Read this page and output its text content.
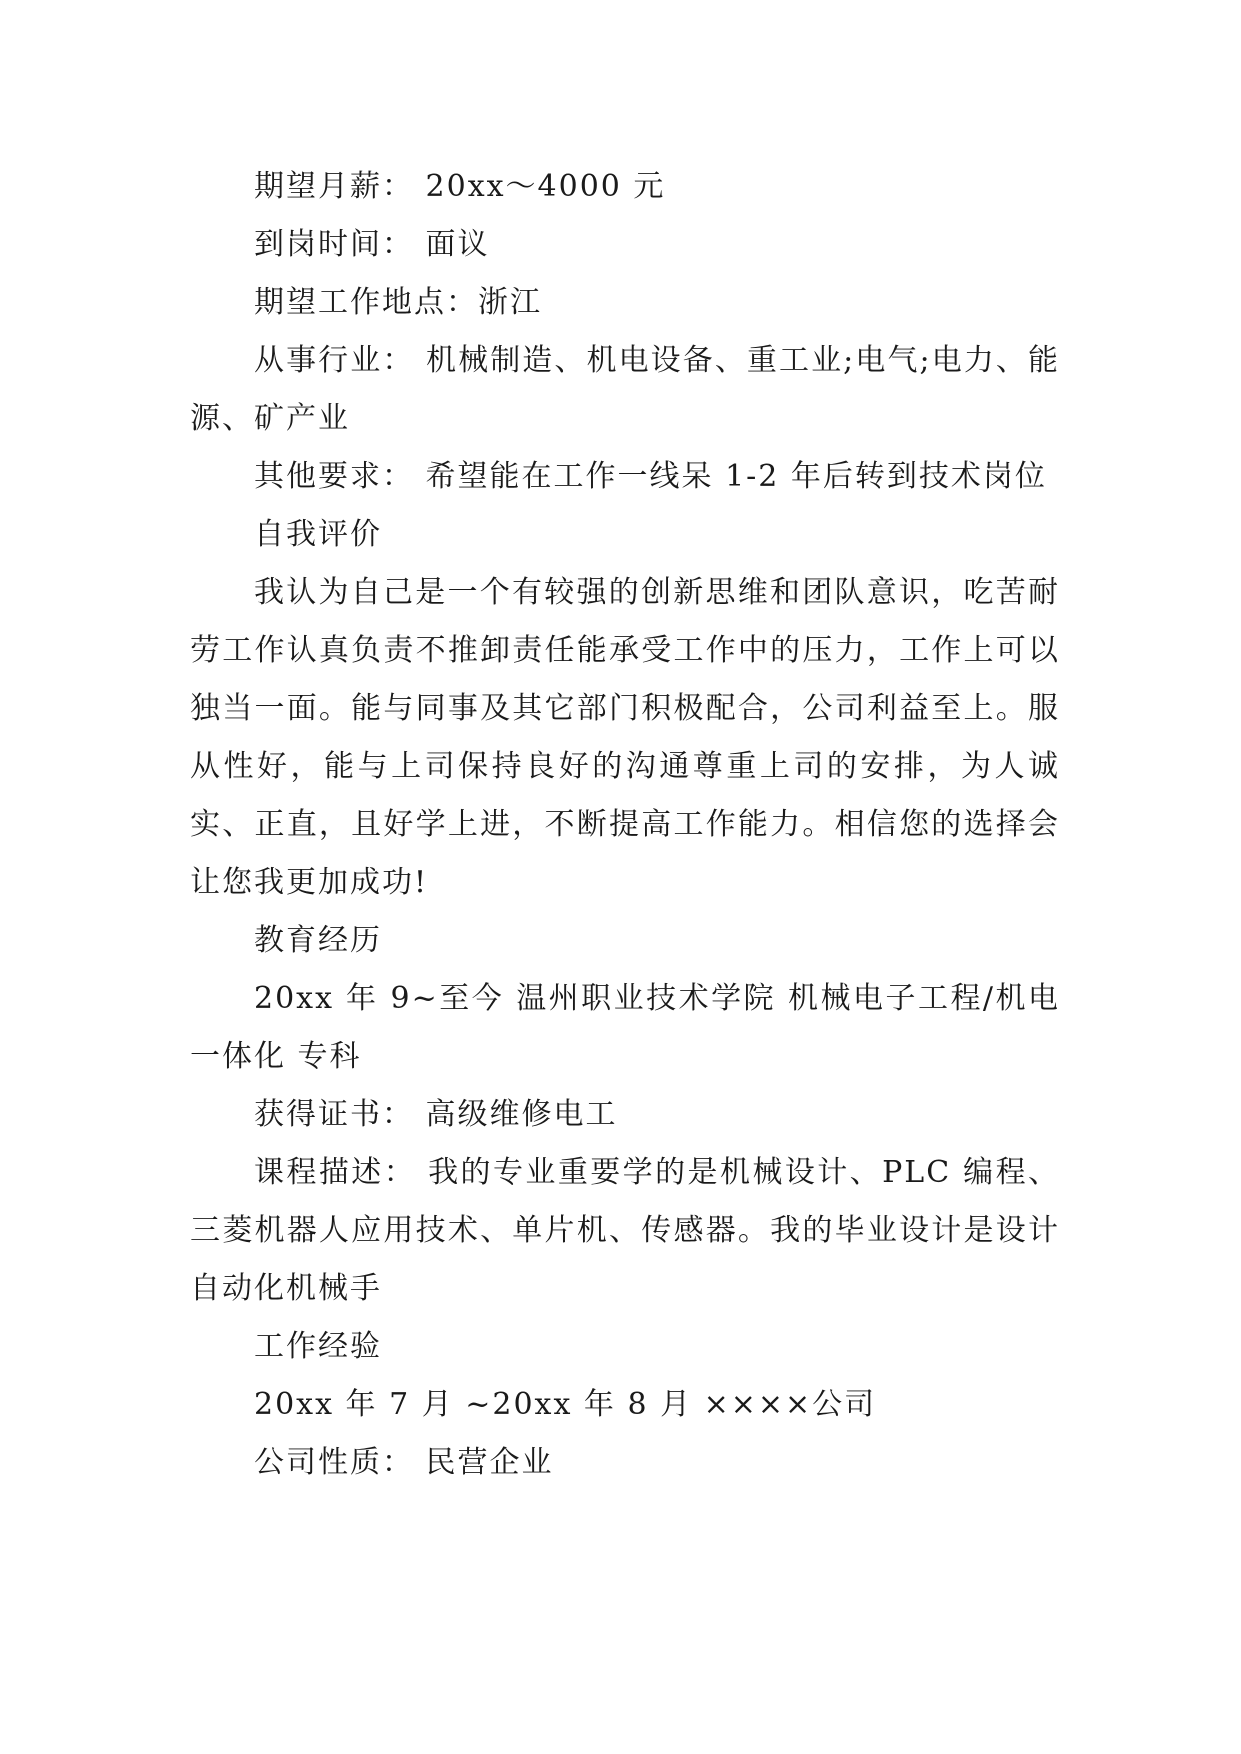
期望月薪： 20xx～4000 元

到岗时间： 面议

期望工作地点：浙江

从事行业： 机械制造、机电设备、重工业;电气;电力、能源、矿产业

其他要求： 希望能在工作一线呆 1-2 年后转到技术岗位

自我评价

我认为自己是一个有较强的创新思维和团队意识，吃苦耐劳工作认真负责不推卸责任能承受工作中的压力，工作上可以独当一面。能与同事及其它部门积极配合，公司利益至上。服从性好，能与上司保持良好的沟通尊重上司的安排，为人诚实、正直，且好学上进，不断提高工作能力。相信您的选择会让您我更加成功!

教育经历

20xx 年 9~至今 温州职业技术学院 机械电子工程/机电一体化 专科

获得证书： 高级维修电工

课程描述： 我的专业重要学的是机械设计、PLC 编程、三菱机器人应用技术、单片机、传感器。我的毕业设计是设计自动化机械手

工作经验

20xx 年 7 月 ~20xx 年 8 月 ××××公司

公司性质： 民营企业
